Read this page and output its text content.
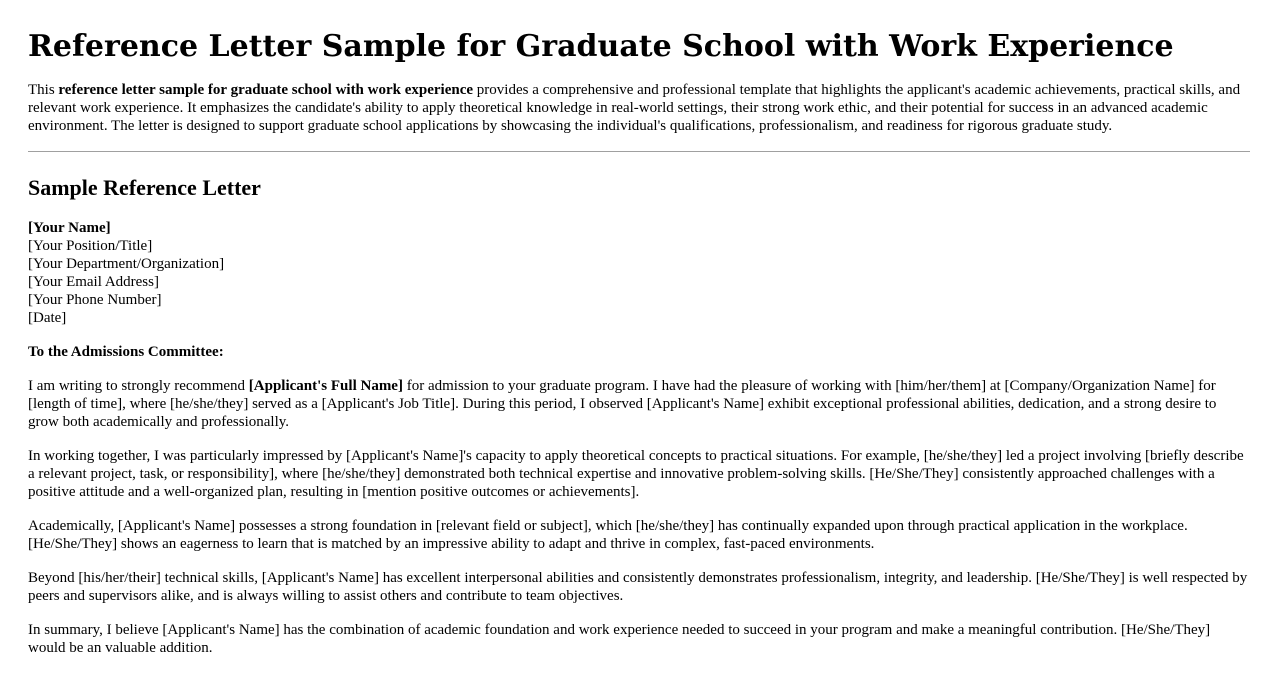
Reference Letter Sample for Graduate School with Work Experience

This reference letter sample for graduate school with work experience provides a comprehensive and professional template that highlights the applicant's academic achievements, practical skills, and relevant work experience. It emphasizes the candidate's ability to apply theoretical knowledge in real-world settings, their strong work ethic, and their potential for success in an advanced academic environment. The letter is designed to support graduate school applications by showcasing the individual's qualifications, professionalism, and readiness for rigorous graduate study.

Sample Reference Letter
[Your Name]
[Your Position/Title]
[Your Department/Organization]
[Your Email Address]
[Your Phone Number]
[Date]

To the Admissions Committee:

I am writing to strongly recommend [Applicant's Full Name] for admission to your graduate program. I have had the pleasure of working with [him/her/them] at [Company/Organization Name] for [length of time], where [he/she/they] served as a [Applicant's Job Title]. During this period, I observed [Applicant's Name] exhibit exceptional professional abilities, dedication, and a strong desire to grow both academically and professionally.

In working together, I was particularly impressed by [Applicant's Name]'s capacity to apply theoretical concepts to practical situations. For example, [he/she/they] led a project involving [briefly describe a relevant project, task, or responsibility], where [he/she/they] demonstrated both technical expertise and innovative problem-solving skills. [He/She/They] consistently approached challenges with a positive attitude and a well-organized plan, resulting in [mention positive outcomes or achievements].

Academically, [Applicant's Name] possesses a strong foundation in [relevant field or subject], which [he/she/they] has continually expanded upon through practical application in the workplace. [He/She/They] shows an eagerness to learn that is matched by an impressive ability to adapt and thrive in complex, fast-paced environments.

Beyond [his/her/their] technical skills, [Applicant's Name] has excellent interpersonal abilities and consistently demonstrates professionalism, integrity, and leadership. [He/She/They] is well respected by peers and supervisors alike, and is always willing to assist others and contribute to team objectives.

In summary, I believe [Applicant's Name] has the combination of academic foundation and work experience needed to succeed in your program and make a meaningful contribution. [He/She/They] would be an valuable addition.
